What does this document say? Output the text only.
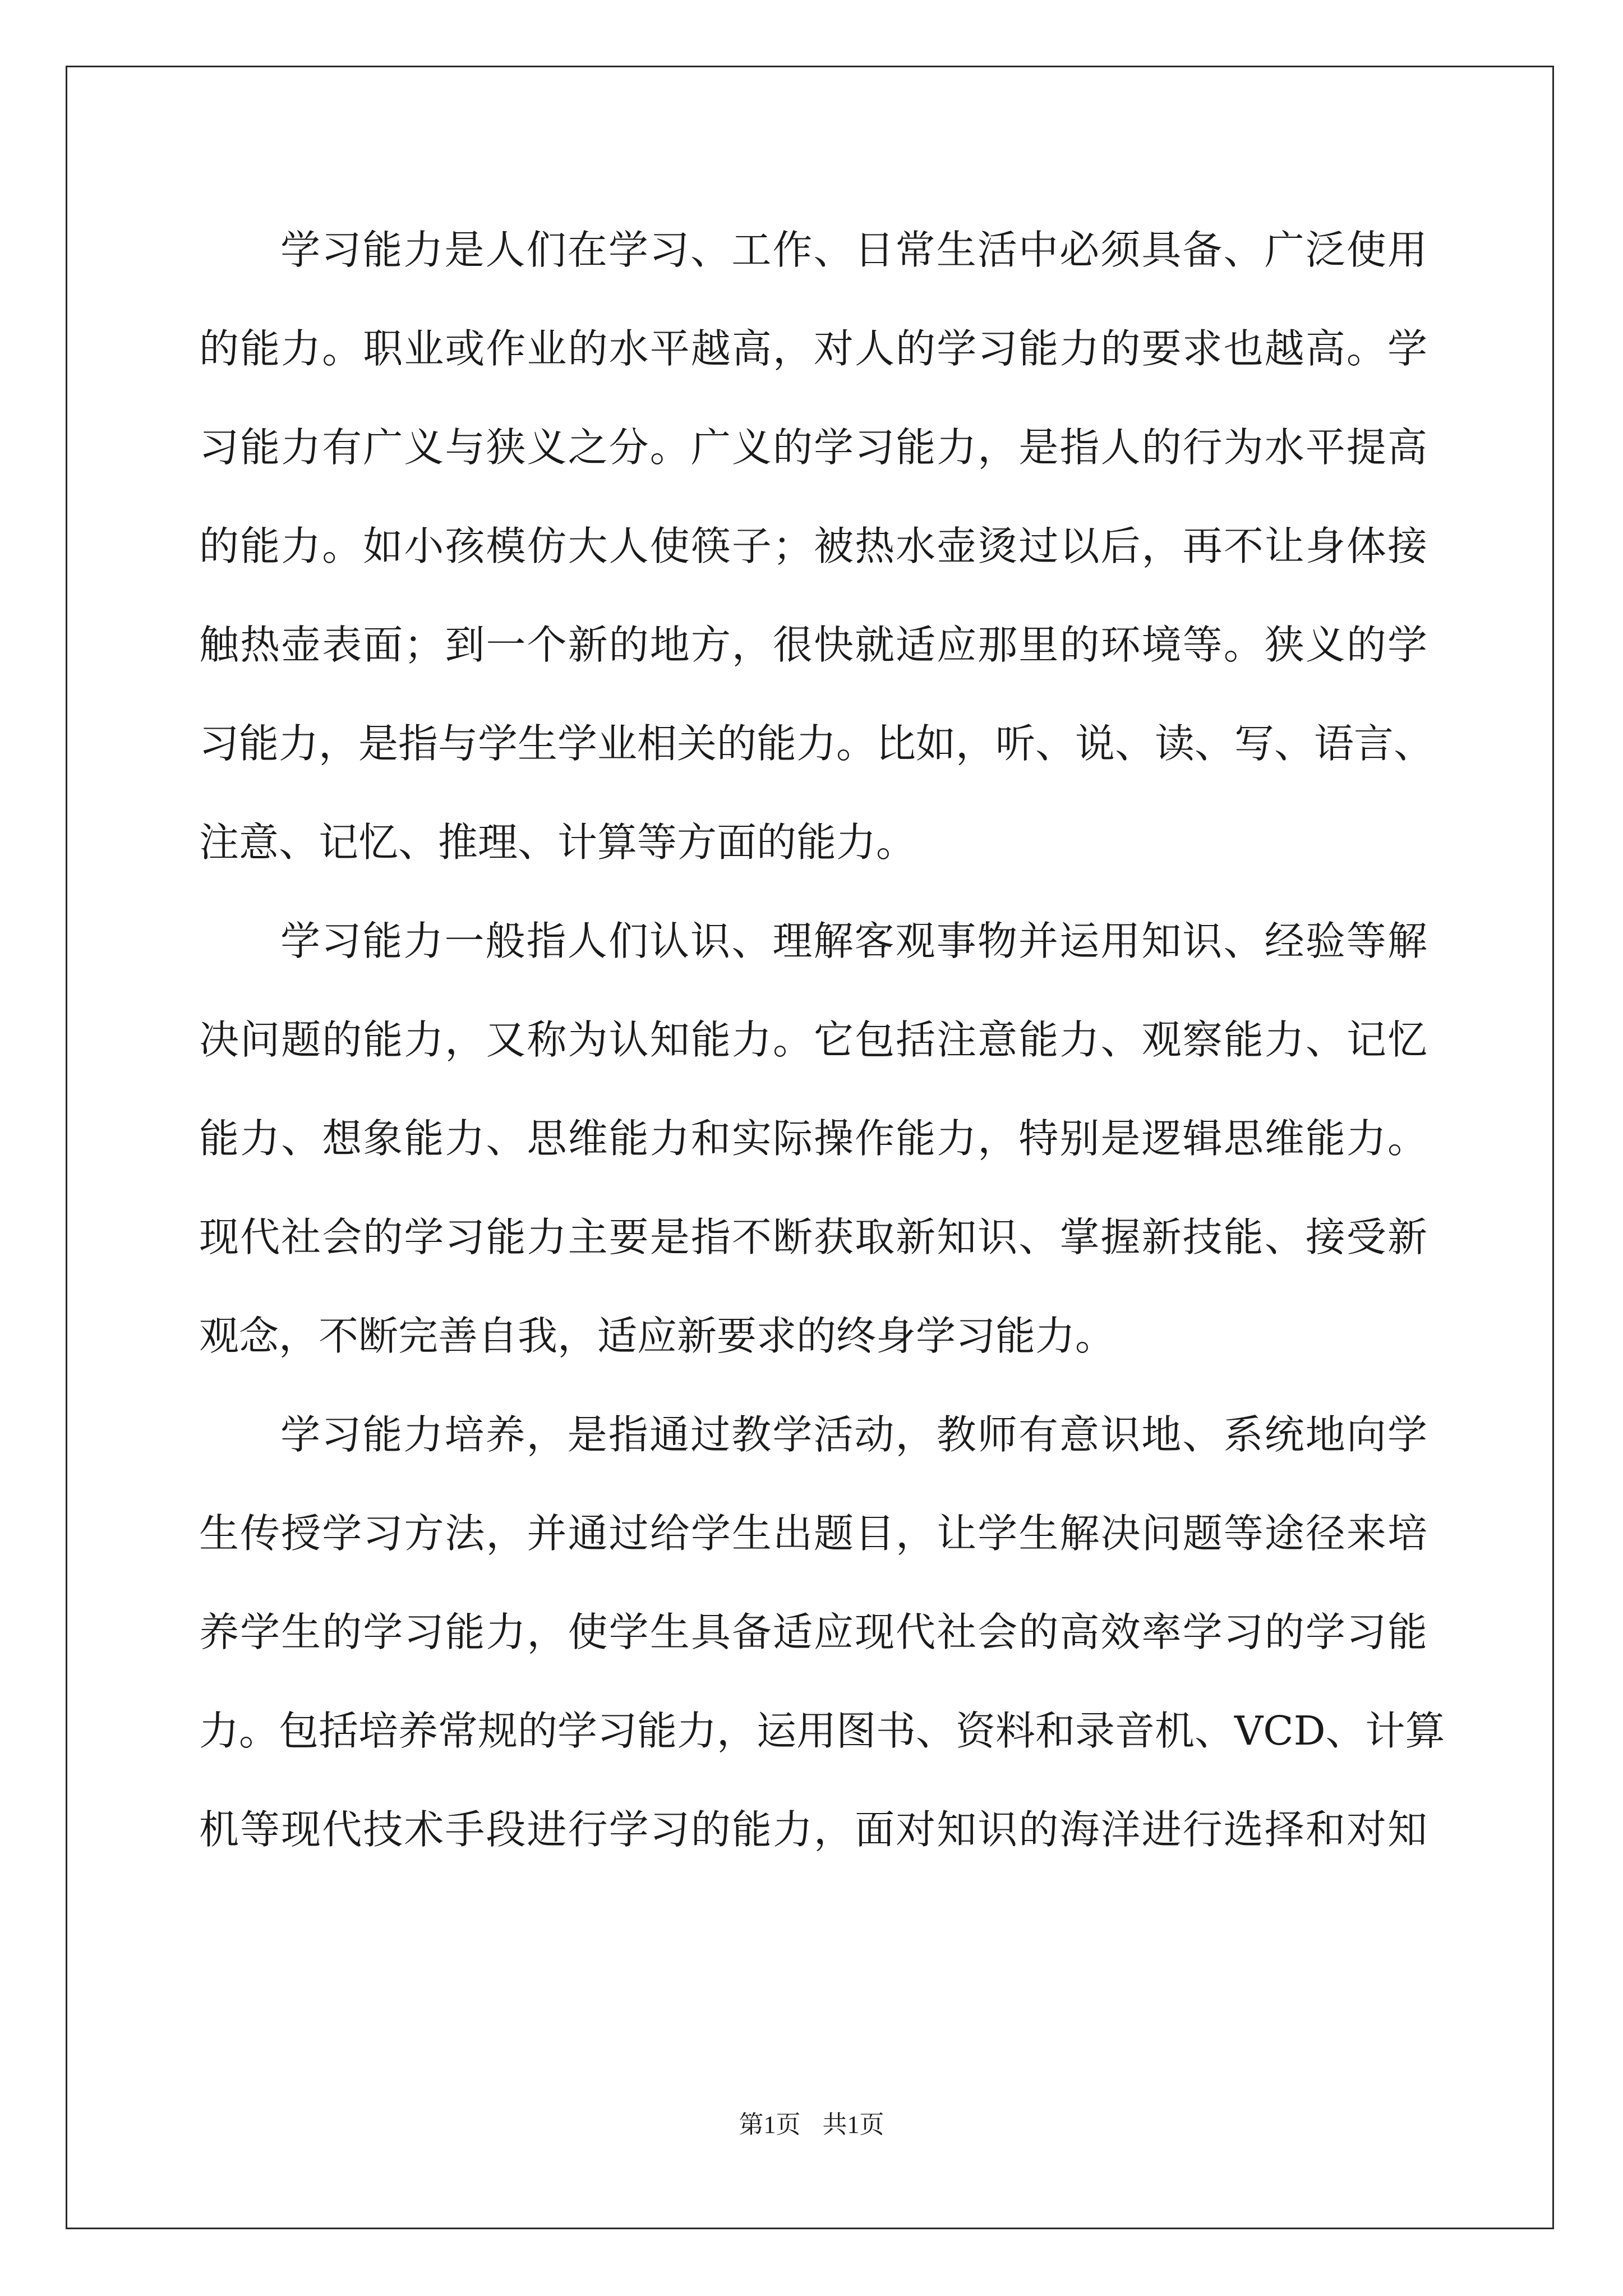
学习能力是人们在学习、工作、日常生活中必须具备、广泛使用
的能力。职业或作业的水平越高，对人的学习能力的要求也越高。学
习能力有广义与狭义之分。广义的学习能力，是指人的行为水平提高
的能力。如小孩模仿大人使筷子；被热水壶烫过以后，再不让身体接
触热壶表面；到一个新的地方，很快就适应那里的环境等。狭义的学
习能力，是指与学生学业相关的能力。比如，听、说、读、写、语言、
注意、记忆、推理、计算等方面的能力。
学习能力一般指人们认识、理解客观事物并运用知识、经验等解
决问题的能力，又称为认知能力。它包括注意能力、观察能力、记忆
能力、想象能力、思维能力和实际操作能力，特别是逻辑思维能力。
现代社会的学习能力主要是指不断获取新知识、掌握新技能、接受新
观念，不断完善自我，适应新要求的终身学习能力。
学习能力培养，是指通过教学活动，教师有意识地、系统地向学
生传授学习方法，并通过给学生出题目，让学生解决问题等途径来培
养学生的学习能力，使学生具备适应现代社会的高效率学习的学习能
力。包括培养常规的学习能力，运用图书、资料和录音机、VCD、计算
机等现代技术手段进行学习的能力，面对知识的海洋进行选择和对知
第1页 共1页
